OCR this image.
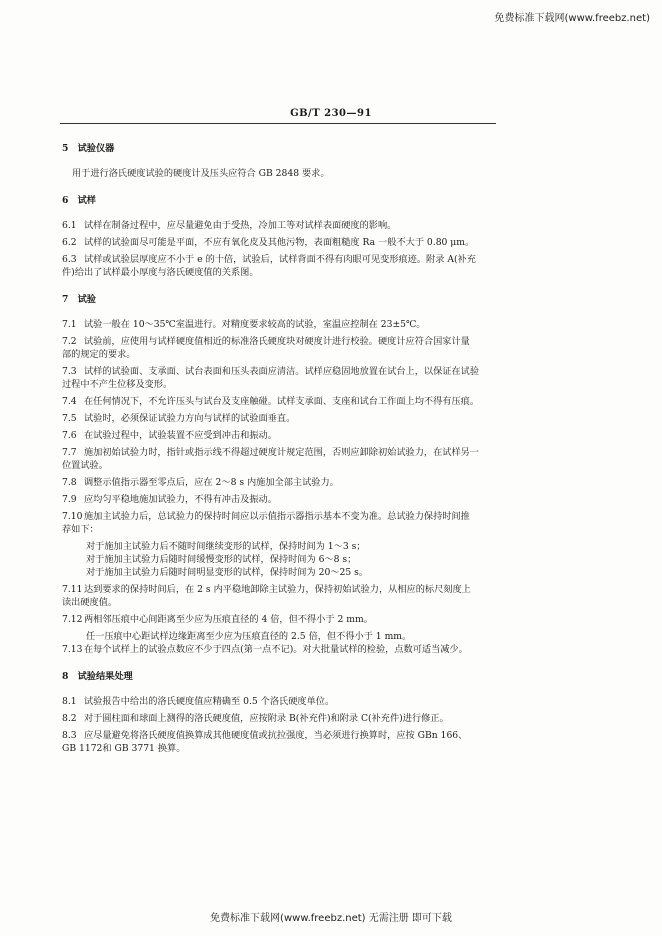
免费标准下载网(www.freebz.net)
GB/T 230—91

5　试验仪器

用于进行洛氏硬度试验的硬度计及压头应符合 GB 2848 要求。

6　试样

6.1 试样在制备过程中，应尽量避免由于受热，冷加工等对试样表面硬度的影响。

6.2 试样的试验面尽可能是平面，不应有氧化皮及其他污物，表面粗糙度 Ra 一般不大于 0.80 μm。

6.3 试样或试验层厚度应不小于 e 的十倍，试验后，试样背面不得有肉眼可见变形痕迹。附录 A(补充

件)给出了试样最小厚度与洛氏硬度值的关系图。

7　试验

7.1 试验一般在 10～35℃室温进行。对精度要求较高的试验，室温应控制在 23±5℃。

7.2 试验前，应使用与试样硬度值相近的标准洛氏硬度块对硬度计进行校验。硬度计应符合国家计量

部的规定的要求。

7.3 试样的试验面、支承面、试台表面和压头表面应清洁。试样应稳固地放置在试台上，以保证在试验

过程中不产生位移及变形。

7.4 在任何情况下，不允许压头与试台及支座触碰。试样支承面、支座和试台工作面上均不得有压痕。

7.5 试验时，必须保证试验力方向与试样的试验面垂直。

7.6 在试验过程中，试验装置不应受到冲击和振动。

7.7 施加初始试验力时，指针或指示线不得超过硬度计规定范围，否则应卸除初始试验力，在试样另一

位置试验。

7.8 调整示值指示器至零点后，应在 2～8 s 内施加全部主试验力。

7.9 应均匀平稳地施加试验力，不得有冲击及振动。

7.10 施加主试验力后，总试验力的保持时间应以示值指示器指示基本不变为准。总试验力保持时间推

荐如下：

对于施加主试验力后不随时间继续变形的试样，保持时间为 1～3 s；

对于施加主试验力后随时间缓慢变形的试样，保持时间为 6～8 s；

对于施加主试验力后随时间明显变形的试样，保持时间为 20～25 s。

7.11 达到要求的保持时间后，在 2 s 内平稳地卸除主试验力，保持初始试验力，从相应的标尺刻度上

读出硬度值。

7.12 两相邻压痕中心间距离至少应为压痕直径的 4 倍，但不得小于 2 mm。

任一压痕中心距试样边缘距离至少应为压痕直径的 2.5 倍，但不得小于 1 mm。

7.13 在每个试样上的试验点数应不少于四点(第一点不记)。对大批量试样的检验，点数可适当减少。

8　试验结果处理

8.1 试验报告中给出的洛氏硬度值应精确至 0.5 个洛氏硬度单位。

8.2 对于圆柱面和球面上测得的洛氏硬度值，应按附录 B(补充件)和附录 C(补充件)进行修正。

8.3 应尽量避免将洛氏硬度值换算成其他硬度值或抗拉强度，当必须进行换算时，应按 GBn 166、

GB 1172和 GB 3771 换算。

免费标准下载网(www.freebz.net) 无需注册 即可下载
